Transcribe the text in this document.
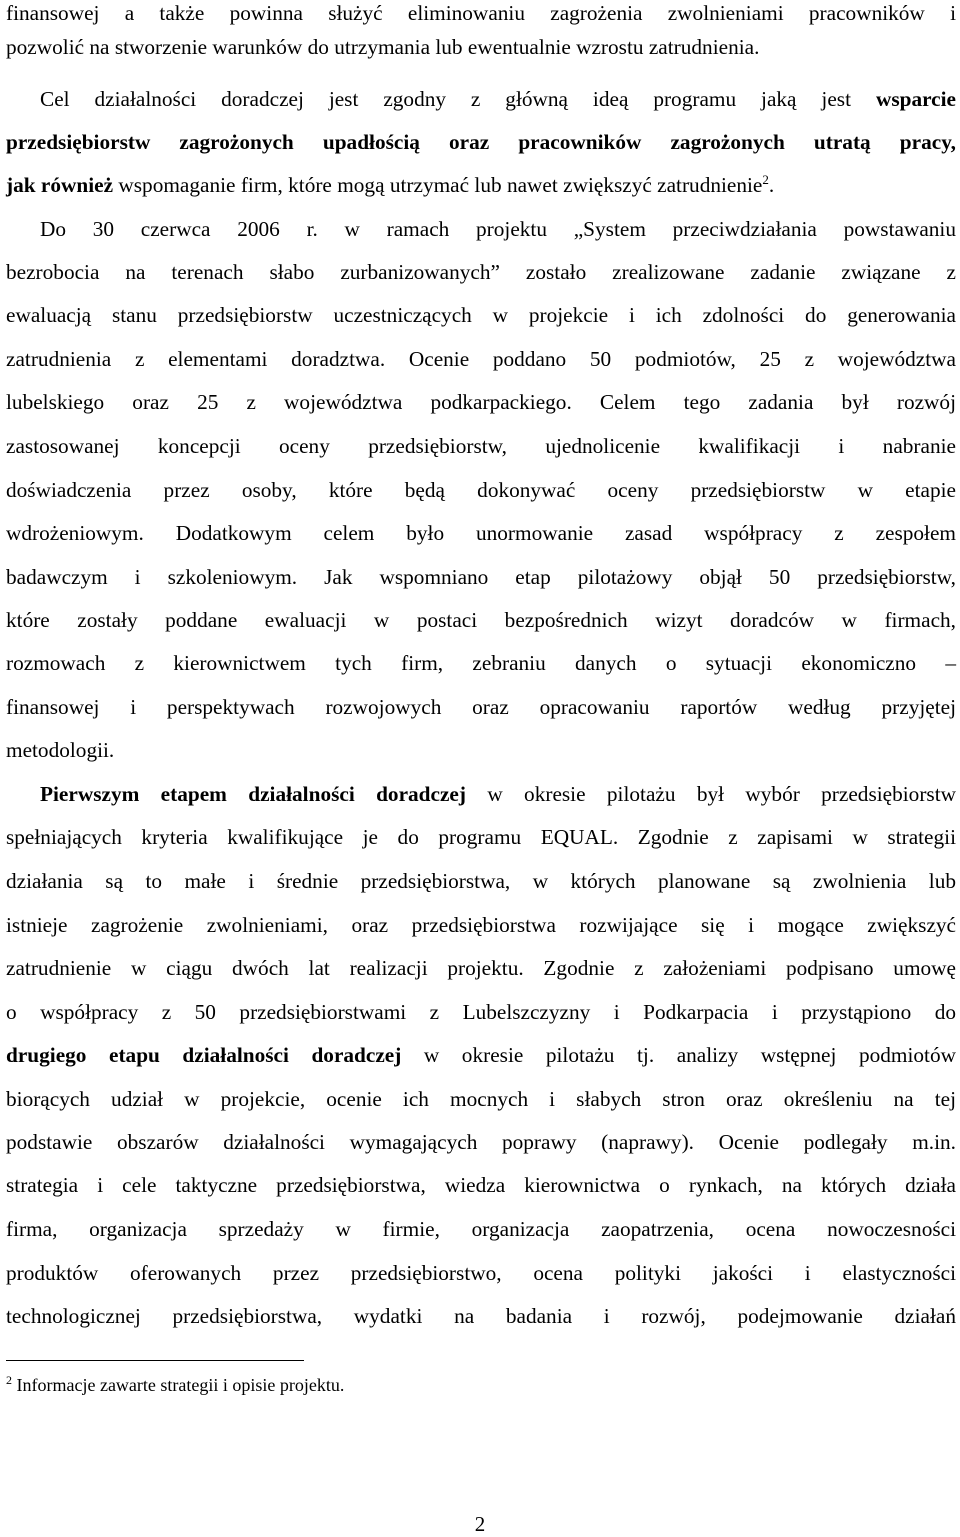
finansowej a także powinna służyć eliminowaniu zagrożenia zwolnieniami pracowników i
pozwolić na stworzenie warunków do utrzymania lub ewentualnie wzrostu zatrudnienia.
Cel działalności doradczej jest zgodny z główną ideą programu jaką jest wsparcie
przedsiębiorstw zagrożonych upadłością oraz pracowników zagrożonych utratą pracy,
jak również wspomaganie firm, które mogą utrzymać lub nawet zwiększyć zatrudnienie$^2$.
Do 30 czerwca 2006 r. w ramach projektu „System przeciwdziałania powstawaniu
bezrobocia na terenach słabo zurbanizowanych” zostało zrealizowane zadanie związane z
ewaluacją stanu przedsiębiorstw uczestniczących w projekcie i ich zdolności do generowania
zatrudnienia z elementami doradztwa. Ocenie poddano 50 podmiotów, 25 z województwa
lubelskiego oraz 25 z województwa podkarpackiego. Celem tego zadania był rozwój
zastosowanej koncepcji oceny przedsiębiorstw, ujednolicenie kwalifikacji i nabranie
doświadczenia przez osoby, które będą dokonywać oceny przedsiębiorstw w etapie
wdrożeniowym. Dodatkowym celem było unormowanie zasad współpracy z zespołem
badawczym i szkoleniowym. Jak wspomniano etap pilotażowy objął 50 przedsiębiorstw,
które zostały poddane ewaluacji w postaci bezpośrednich wizyt doradców w firmach,
rozmowach z kierownictwem tych firm, zebraniu danych o sytuacji ekonomiczno –
finansowej i perspektywach rozwojowych oraz opracowaniu raportów według przyjętej
metodologii.
Pierwszym etapem działalności doradczej w okresie pilotażu był wybór przedsiębiorstw
spełniających kryteria kwalifikujące je do programu EQUAL. Zgodnie z zapisami w strategii
działania są to małe i średnie przedsiębiorstwa, w których planowane są zwolnienia lub
istnieje zagrożenie zwolnieniami, oraz przedsiębiorstwa rozwijające się i mogące zwiększyć
zatrudnienie w ciągu dwóch lat realizacji projektu. Zgodnie z założeniami podpisano umowę
o współpracy z 50 przedsiębiorstwami z Lubelszczyzny i Podkarpacia i przystąpiono do
drugiego etapu działalności doradczej w okresie pilotażu tj. analizy wstępnej podmiotów
biorących udział w projekcie, ocenie ich mocnych i słabych stron oraz określeniu na tej
podstawie obszarów działalności wymagających poprawy (naprawy). Ocenie podlegały m.in.
strategia i cele taktyczne przedsiębiorstwa, wiedza kierownictwa o rynkach, na których działa
firma, organizacja sprzedaży w firmie, organizacja zaopatrzenia, ocena nowoczesności
produktów oferowanych przez przedsiębiorstwo, ocena polityki jakości i elastyczności
technologicznej przedsiębiorstwa, wydatki na badania i rozwój, podejmowanie działań
$^2$ Informacje zawarte strategii i opisie projektu.
2
